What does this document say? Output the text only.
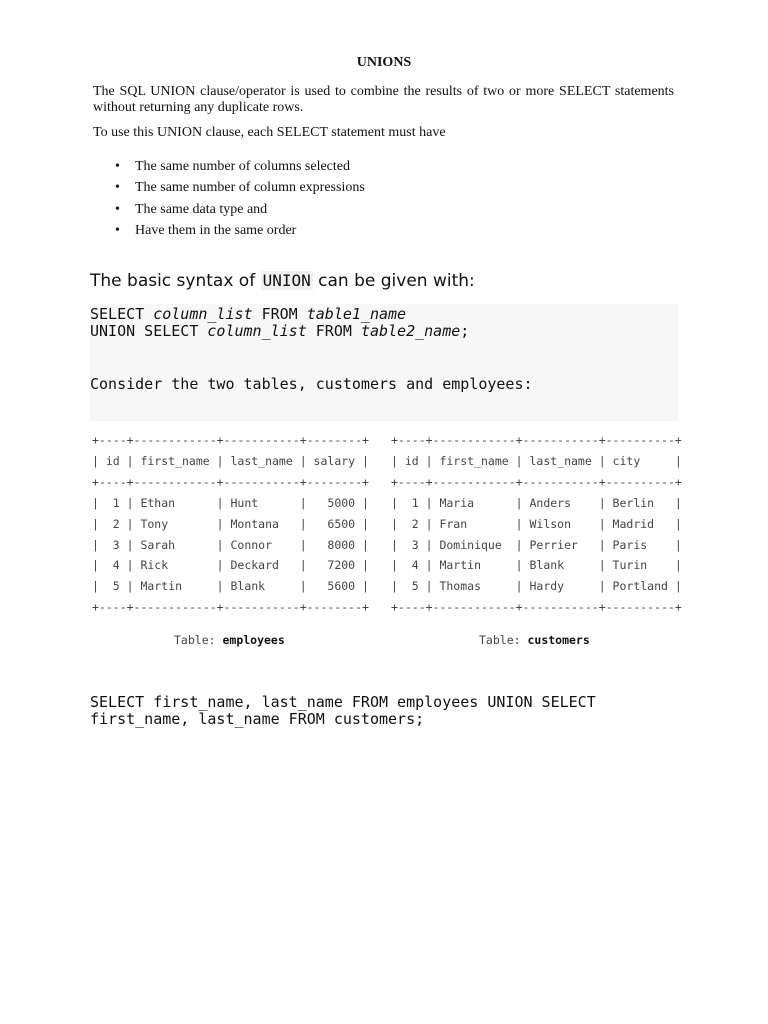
UNIONS

The SQL UNION clause/operator is used to combine the results of two or more SELECT statements without returning any duplicate rows.

To use this UNION clause, each SELECT statement must have

• The same number of columns selected
• The same number of column expressions
• The same data type and
• Have them in the same order
The basic syntax of UNION can be given with:
SELECT column_list FROM table1_name
UNION SELECT column_list FROM table2_name;
Consider the two tables, customers and employees:
+----+------------+-----------+--------+
| id | first_name | last_name | salary |
+----+------------+-----------+--------+
|  1 | Ethan      | Hunt      |   5000 |
|  2 | Tony       | Montana   |   6500 |
|  3 | Sarah      | Connor    |   8000 |
|  4 | Rick       | Deckard   |   7200 |
|  5 | Martin     | Blank     |   5600 |
+----+------------+-----------+--------+
+----+------------+-----------+----------+
| id | first_name | last_name | city     |
+----+------------+-----------+----------+
|  1 | Maria      | Anders    | Berlin   |
|  2 | Fran       | Wilson    | Madrid   |
|  3 | Dominique  | Perrier   | Paris    |
|  4 | Martin     | Blank     | Turin    |
|  5 | Thomas     | Hardy     | Portland |
+----+------------+-----------+----------+
Table: employees	Table: customers
SELECT first_name, last_name FROM employees UNION SELECT first_name, last_name FROM customers;
